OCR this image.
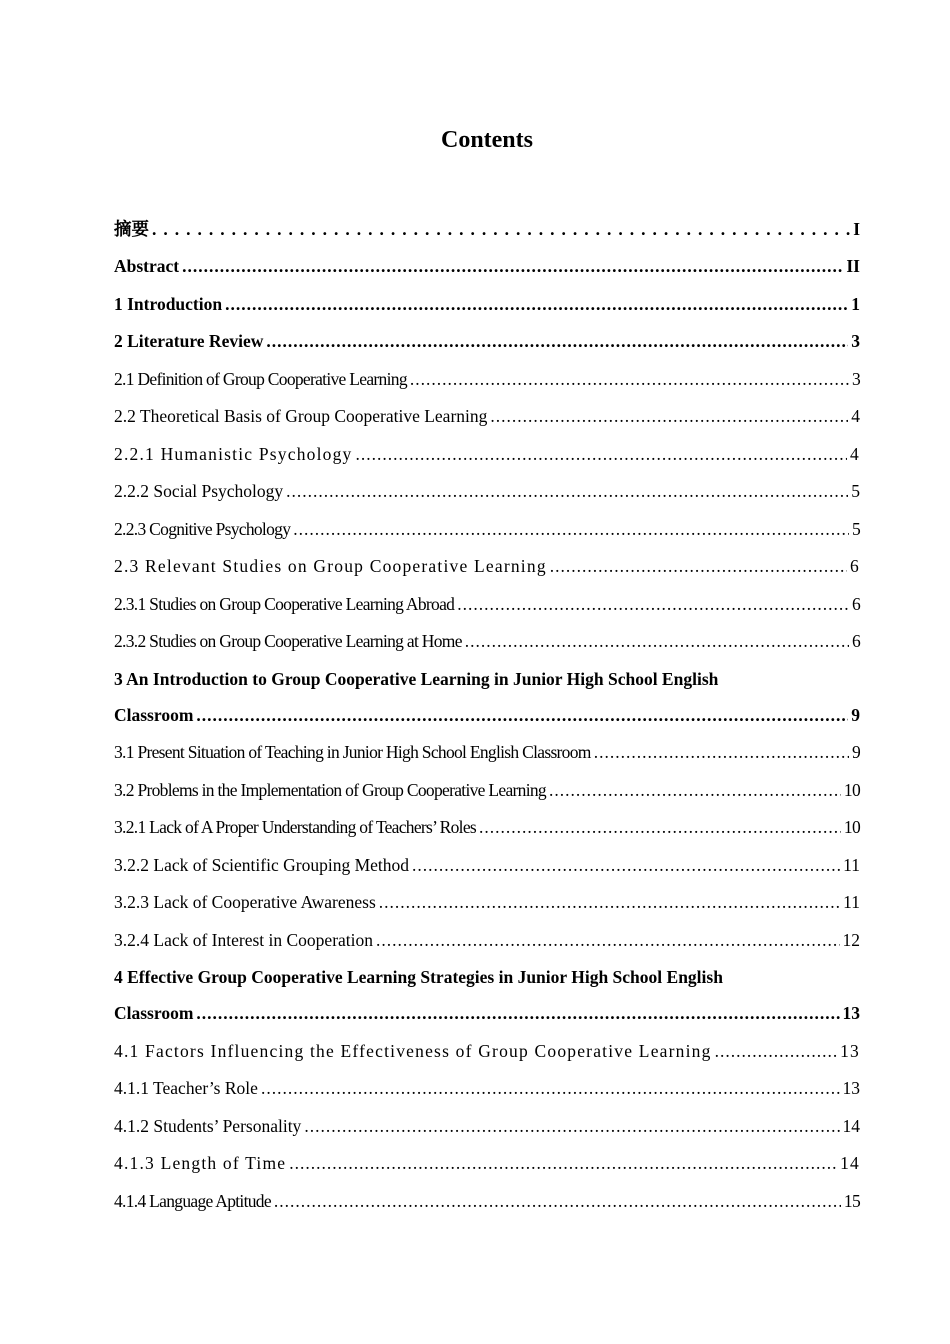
Contents
摘要 .....	I
Abstract .....	II
1 Introduction .....	1
2 Literature Review .....	3
2.1 Definition of Group Cooperative Learning .....	3
2.2 Theoretical Basis of Group Cooperative Learning .....	4
2.2.1 Humanistic Psychology .....	4
2.2.2 Social Psychology .....	5
2.2.3 Cognitive Psychology .....	5
2.3 Relevant Studies on Group Cooperative Learning .....	6
2.3.1 Studies on Group Cooperative Learning Abroad .....	6
2.3.2 Studies on Group Cooperative Learning at Home .....	6
3 An Introduction to Group Cooperative Learning in Junior High School English
Classroom .....	9
3.1 Present Situation of Teaching in Junior High School English Classroom .....	9
3.2 Problems in the Implementation of Group Cooperative Learning .....	10
3.2.1 Lack of A Proper Understanding of Teachers’ Roles .....	10
3.2.2 Lack of Scientific Grouping Method .....	11
3.2.3 Lack of Cooperative Awareness .....	11
3.2.4 Lack of Interest in Cooperation .....	12
4 Effective Group Cooperative Learning Strategies in Junior High School English
Classroom .....	13
4.1 Factors Influencing the Effectiveness of Group Cooperative Learning .....	13
4.1.1 Teacher’s Role .....	13
4.1.2 Students’ Personality .....	14
4.1.3 Length of Time .....	14
4.1.4 Language Aptitude .....	15
